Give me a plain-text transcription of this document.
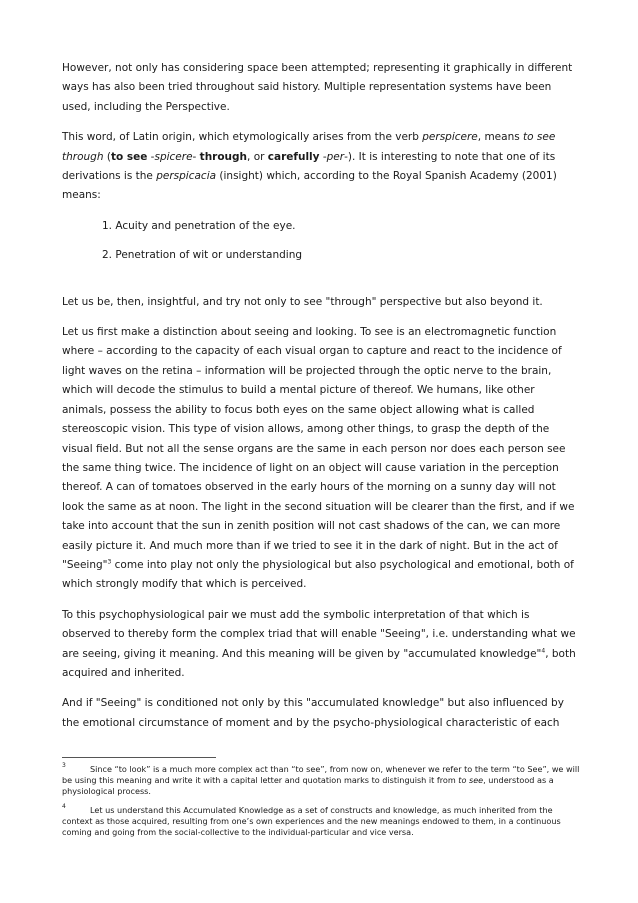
However, not only has considering space been attempted; representing it graphically in different ways has also been tried throughout said history. Multiple representation systems have been used, including the Perspective.

This word, of Latin origin, which etymologically arises from the verb perspicere, means to see through (to see -spicere- through, or carefully -per-). It is interesting to note that one of its derivations is the perspicacia (insight) which, according to the Royal Spanish Academy (2001) means:

1. Acuity and penetration of the eye.
2. Penetration of wit or understanding

Let us be, then, insightful, and try not only to see "through" perspective but also beyond it.

Let us first make a distinction about seeing and looking. To see is an electromagnetic function where – according to the capacity of each visual organ to capture and react to the incidence of light waves on the retina – information will be projected through the optic nerve to the brain, which will decode the stimulus to build a mental picture of thereof. We humans, like other animals, possess the ability to focus both eyes on the same object allowing what is called stereoscopic vision. This type of vision allows, among other things, to grasp the depth of the visual field. But not all the sense organs are the same in each person nor does each person see the same thing twice. The incidence of light on an object will cause variation in the perception thereof. A can of tomatoes observed in the early hours of the morning on a sunny day will not look the same as at noon. The light in the second situation will be clearer than the first, and if we take into account that the sun in zenith position will not cast shadows of the can, we can more easily picture it. And much more than if we tried to see it in the dark of night. But in the act of "Seeing"$^3$ come into play not only the physiological but also psychological and emotional, both of which strongly modify that which is perceived.

To this psychophysiological pair we must add the symbolic interpretation of that which is observed to thereby form the complex triad that will enable "Seeing", i.e. understanding what we are seeing, giving it meaning. And this meaning will be given by "accumulated knowledge"$^4$, both acquired and inherited.

And if "Seeing" is conditioned not only by this "accumulated knowledge" but also influenced by the emotional circumstance of moment and by the psycho-physiological characteristic of each

3	Since “to look” is a much more complex act than “to see”, from now on, whenever we refer to the term “to See”, we will be using this meaning and write it with a capital letter and quotation marks to distinguish it from to see, understood as a physiological process.

4	Let us understand this Accumulated Knowledge as a set of constructs and knowledge, as much inherited from the context as those acquired, resulting from one’s own experiences and the new meanings endowed to them, in a continuous coming and going from the social-collective to the individual-particular and vice versa.
